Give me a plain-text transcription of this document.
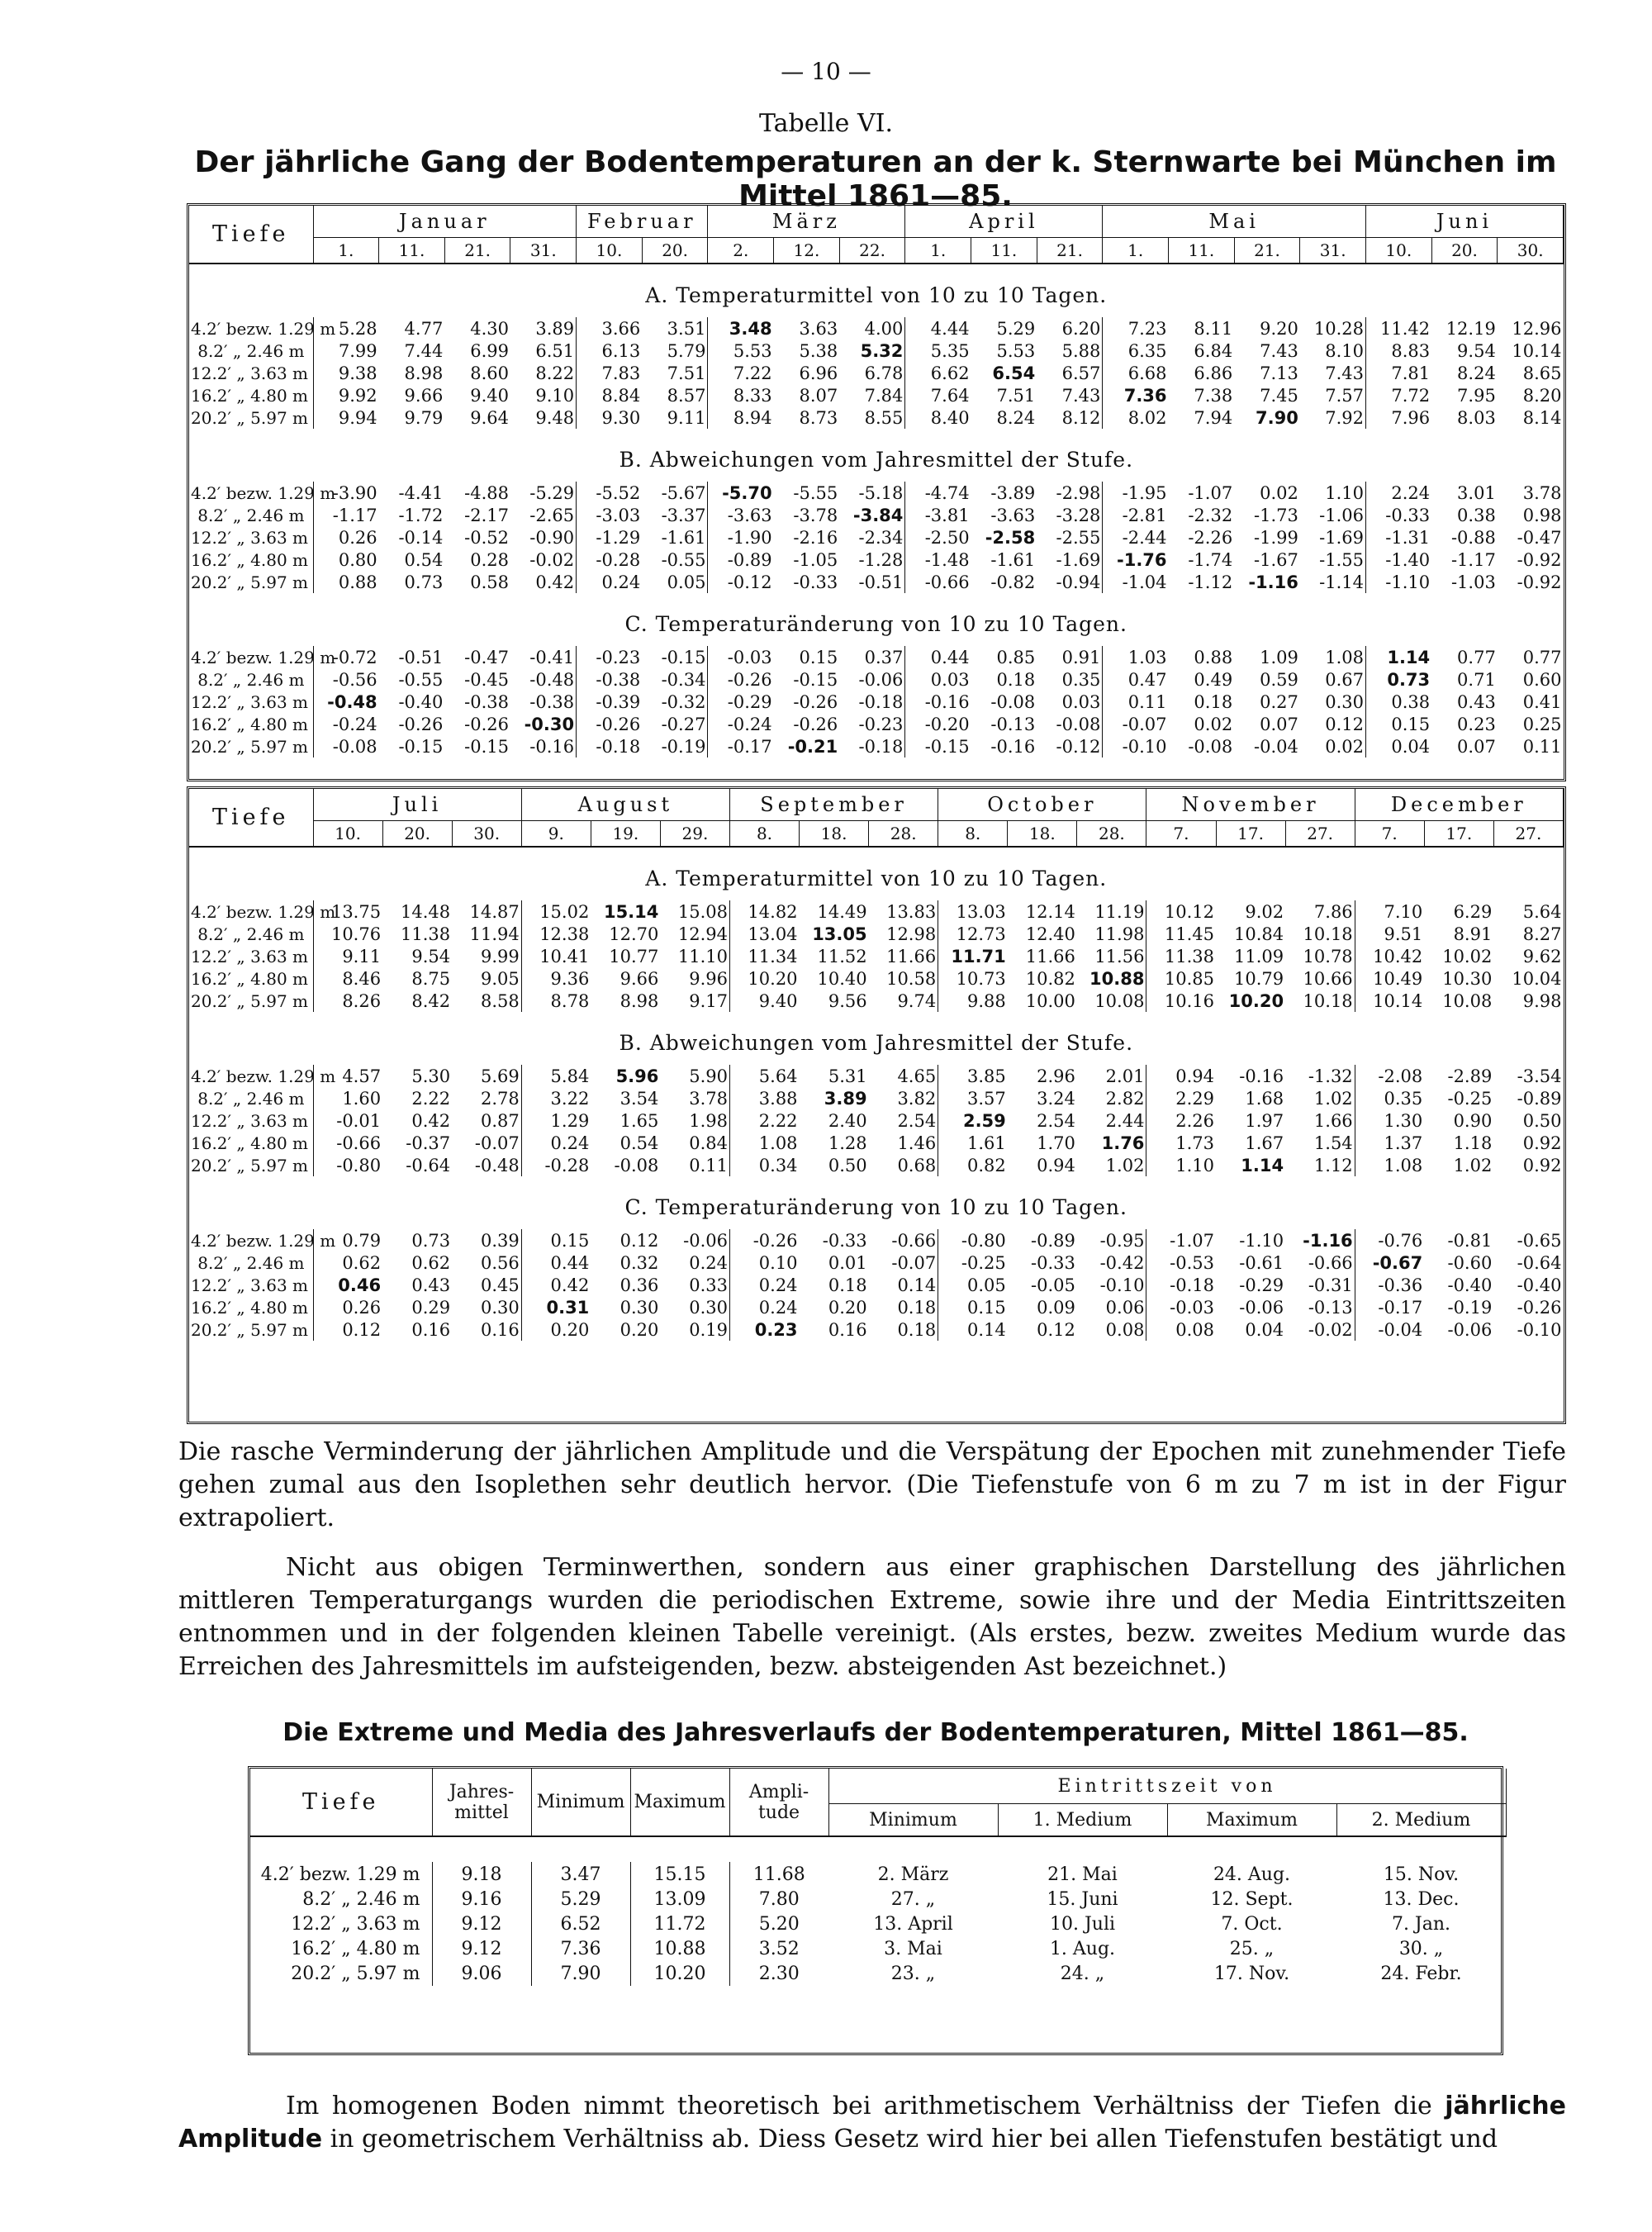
— 10 —
Tabelle VI.
Der jährliche Gang der Bodentemperaturen an der k. Sternwarte bei München im Mittel 1861—85.
Tiefe	Januar				Februar		März			April			Mai				Juni		
	1.	11.	21.	31.	10.	20.	2.	12.	22.	1.	11.	21.	1.	11.	21.	31.	10.	20.	30.
A. Temperaturmittel von 10 zu 10 Tagen.																			
4.2′ bezw. 1.29 m	5.28	4.77	4.30	3.89	3.66	3.51	3.48	3.63	4.00	4.44	5.29	6.20	7.23	8.11	9.20	10.28	11.42	12.19	12.96
8.2′ „ 2.46 m	7.99	7.44	6.99	6.51	6.13	5.79	5.53	5.38	5.32	5.35	5.53	5.88	6.35	6.84	7.43	8.10	8.83	9.54	10.14
12.2′ „ 3.63 m	9.38	8.98	8.60	8.22	7.83	7.51	7.22	6.96	6.78	6.62	6.54	6.57	6.68	6.86	7.13	7.43	7.81	8.24	8.65
16.2′ „ 4.80 m	9.92	9.66	9.40	9.10	8.84	8.57	8.33	8.07	7.84	7.64	7.51	7.43	7.36	7.38	7.45	7.57	7.72	7.95	8.20
20.2′ „ 5.97 m	9.94	9.79	9.64	9.48	9.30	9.11	8.94	8.73	8.55	8.40	8.24	8.12	8.02	7.94	7.90	7.92	7.96	8.03	8.14
B. Abweichungen vom Jahresmittel der Stufe.																			
4.2′ bezw. 1.29 m	-3.90	-4.41	-4.88	-5.29	-5.52	-5.67	-5.70	-5.55	-5.18	-4.74	-3.89	-2.98	-1.95	-1.07	0.02	1.10	2.24	3.01	3.78
8.2′ „ 2.46 m	-1.17	-1.72	-2.17	-2.65	-3.03	-3.37	-3.63	-3.78	-3.84	-3.81	-3.63	-3.28	-2.81	-2.32	-1.73	-1.06	-0.33	0.38	0.98
12.2′ „ 3.63 m	0.26	-0.14	-0.52	-0.90	-1.29	-1.61	-1.90	-2.16	-2.34	-2.50	-2.58	-2.55	-2.44	-2.26	-1.99	-1.69	-1.31	-0.88	-0.47
16.2′ „ 4.80 m	0.80	0.54	0.28	-0.02	-0.28	-0.55	-0.89	-1.05	-1.28	-1.48	-1.61	-1.69	-1.76	-1.74	-1.67	-1.55	-1.40	-1.17	-0.92
20.2′ „ 5.97 m	0.88	0.73	0.58	0.42	0.24	0.05	-0.12	-0.33	-0.51	-0.66	-0.82	-0.94	-1.04	-1.12	-1.16	-1.14	-1.10	-1.03	-0.92
C. Temperaturänderung von 10 zu 10 Tagen.																			
4.2′ bezw. 1.29 m	-0.72	-0.51	-0.47	-0.41	-0.23	-0.15	-0.03	0.15	0.37	0.44	0.85	0.91	1.03	0.88	1.09	1.08	1.14	0.77	0.77
8.2′ „ 2.46 m	-0.56	-0.55	-0.45	-0.48	-0.38	-0.34	-0.26	-0.15	-0.06	0.03	0.18	0.35	0.47	0.49	0.59	0.67	0.73	0.71	0.60
12.2′ „ 3.63 m	-0.48	-0.40	-0.38	-0.38	-0.39	-0.32	-0.29	-0.26	-0.18	-0.16	-0.08	0.03	0.11	0.18	0.27	0.30	0.38	0.43	0.41
16.2′ „ 4.80 m	-0.24	-0.26	-0.26	-0.30	-0.26	-0.27	-0.24	-0.26	-0.23	-0.20	-0.13	-0.08	-0.07	0.02	0.07	0.12	0.15	0.23	0.25
20.2′ „ 5.97 m	-0.08	-0.15	-0.15	-0.16	-0.18	-0.19	-0.17	-0.21	-0.18	-0.15	-0.16	-0.12	-0.10	-0.08	-0.04	0.02	0.04	0.07	0.11
Tiefe	Juli			August			September			October			November			December		
	10.	20.	30.	9.	19.	29.	8.	18.	28.	8.	18.	28.	7.	17.	27.	7.	17.	27.
A. Temperaturmittel von 10 zu 10 Tagen.																		
4.2′ bezw. 1.29 m	13.75	14.48	14.87	15.02	15.14	15.08	14.82	14.49	13.83	13.03	12.14	11.19	10.12	9.02	7.86	7.10	6.29	5.64
8.2′ „ 2.46 m	10.76	11.38	11.94	12.38	12.70	12.94	13.04	13.05	12.98	12.73	12.40	11.98	11.45	10.84	10.18	9.51	8.91	8.27
12.2′ „ 3.63 m	9.11	9.54	9.99	10.41	10.77	11.10	11.34	11.52	11.66	11.71	11.66	11.56	11.38	11.09	10.78	10.42	10.02	9.62
16.2′ „ 4.80 m	8.46	8.75	9.05	9.36	9.66	9.96	10.20	10.40	10.58	10.73	10.82	10.88	10.85	10.79	10.66	10.49	10.30	10.04
20.2′ „ 5.97 m	8.26	8.42	8.58	8.78	8.98	9.17	9.40	9.56	9.74	9.88	10.00	10.08	10.16	10.20	10.18	10.14	10.08	9.98
B. Abweichungen vom Jahresmittel der Stufe.																		
4.2′ bezw. 1.29 m	4.57	5.30	5.69	5.84	5.96	5.90	5.64	5.31	4.65	3.85	2.96	2.01	0.94	-0.16	-1.32	-2.08	-2.89	-3.54
8.2′ „ 2.46 m	1.60	2.22	2.78	3.22	3.54	3.78	3.88	3.89	3.82	3.57	3.24	2.82	2.29	1.68	1.02	0.35	-0.25	-0.89
12.2′ „ 3.63 m	-0.01	0.42	0.87	1.29	1.65	1.98	2.22	2.40	2.54	2.59	2.54	2.44	2.26	1.97	1.66	1.30	0.90	0.50
16.2′ „ 4.80 m	-0.66	-0.37	-0.07	0.24	0.54	0.84	1.08	1.28	1.46	1.61	1.70	1.76	1.73	1.67	1.54	1.37	1.18	0.92
20.2′ „ 5.97 m	-0.80	-0.64	-0.48	-0.28	-0.08	0.11	0.34	0.50	0.68	0.82	0.94	1.02	1.10	1.14	1.12	1.08	1.02	0.92
C. Temperaturänderung von 10 zu 10 Tagen.																		
4.2′ bezw. 1.29 m	0.79	0.73	0.39	0.15	0.12	-0.06	-0.26	-0.33	-0.66	-0.80	-0.89	-0.95	-1.07	-1.10	-1.16	-0.76	-0.81	-0.65
8.2′ „ 2.46 m	0.62	0.62	0.56	0.44	0.32	0.24	0.10	0.01	-0.07	-0.25	-0.33	-0.42	-0.53	-0.61	-0.66	-0.67	-0.60	-0.64
12.2′ „ 3.63 m	0.46	0.43	0.45	0.42	0.36	0.33	0.24	0.18	0.14	0.05	-0.05	-0.10	-0.18	-0.29	-0.31	-0.36	-0.40	-0.40
16.2′ „ 4.80 m	0.26	0.29	0.30	0.31	0.30	0.30	0.24	0.20	0.18	0.15	0.09	0.06	-0.03	-0.06	-0.13	-0.17	-0.19	-0.26
20.2′ „ 5.97 m	0.12	0.16	0.16	0.20	0.20	0.19	0.23	0.16	0.18	0.14	0.12	0.08	0.08	0.04	-0.02	-0.04	-0.06	-0.10
Die rasche Verminderung der jährlichen Amplitude und die Verspätung der Epochen mit zunehmender Tiefe gehen zumal aus den Isoplethen sehr deutlich hervor. (Die Tiefenstufe von 6 m zu 7 m ist in der Figur extrapoliert.
Nicht aus obigen Terminwerthen, sondern aus einer graphischen Darstellung des jährlichen mittleren Temperaturgangs wurden die periodischen Extreme, sowie ihre und der Media Eintrittszeiten entnommen und in der folgenden kleinen Tabelle vereinigt. (Als erstes, bezw. zweites Medium wurde das Erreichen des Jahresmittels im aufsteigenden, bezw. absteigenden Ast bezeichnet.)
Die Extreme und Media des Jahresverlaufs der Bodentemperaturen, Mittel 1861—85.
Tiefe	Jahres-mittel	Minimum	Maximum	Ampli-tude	Eintrittszeit von			
					Minimum	1. Medium	Maximum	2. Medium

4.2′ bezw. 1.29 m	9.18	3.47	15.15	11.68	2. März	21. Mai	24. Aug.	15. Nov.
8.2′ „ 2.46 m	9.16	5.29	13.09	7.80	27. „	15. Juni	12. Sept.	13. Dec.
12.2′ „ 3.63 m	9.12	6.52	11.72	5.20	13. April	10. Juli	7. Oct.	7. Jan.
16.2′ „ 4.80 m	9.12	7.36	10.88	3.52	3. Mai	1. Aug.	25. „	30. „
20.2′ „ 5.97 m	9.06	7.90	10.20	2.30	23. „	24. „	17. Nov.	24. Febr.
Im homogenen Boden nimmt theoretisch bei arithmetischem Verhältniss der Tiefen die jährliche Amplitude in geometrischem Verhältniss ab. Diess Gesetz wird hier bei allen Tiefenstufen bestätigt und
